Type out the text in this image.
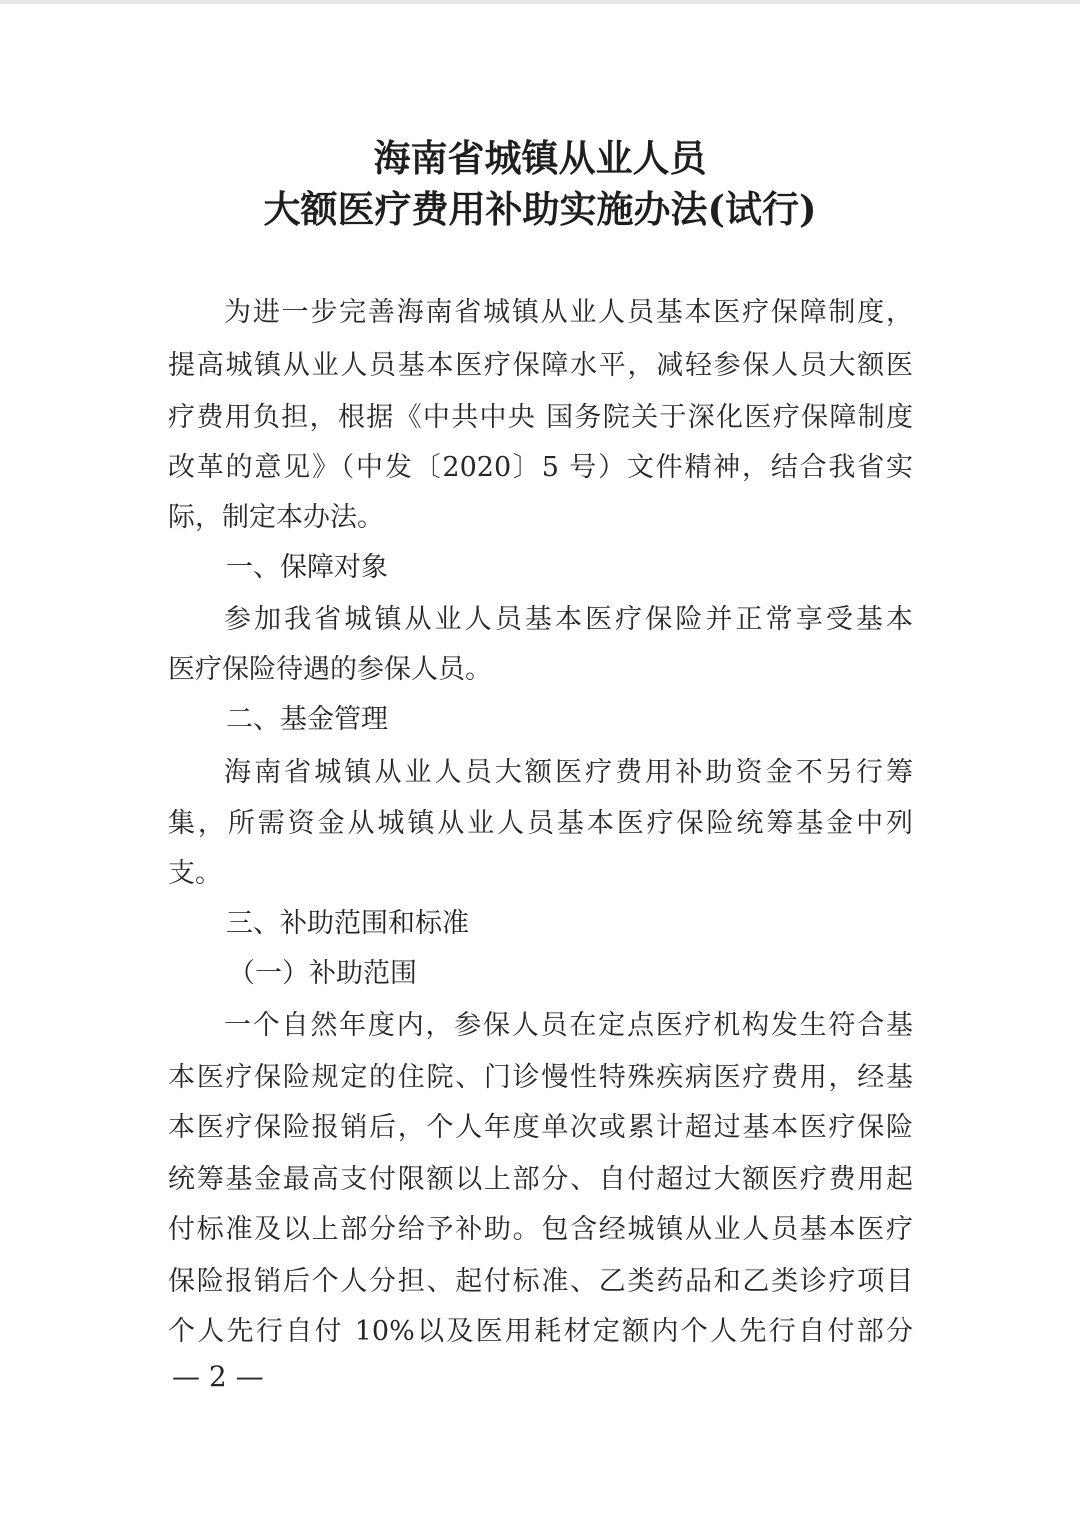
海南省城镇从业人员
大额医疗费用补助实施办法(试行)
为进一步完善海南省城镇从业人员基本医疗保障制度，
提高城镇从业人员基本医疗保障水平，减轻参保人员大额医
疗费用负担，根据《中共中央 国务院关于深化医疗保障制度
改革的意见》（中发〔2020〕5 号）文件精神，结合我省实
际，制定本办法。
一、保障对象
参加我省城镇从业人员基本医疗保险并正常享受基本
医疗保险待遇的参保人员。
二、基金管理
海南省城镇从业人员大额医疗费用补助资金不另行筹
集，所需资金从城镇从业人员基本医疗保险统筹基金中列
支。
三、补助范围和标准
（一）补助范围
一个自然年度内，参保人员在定点医疗机构发生符合基
本医疗保险规定的住院、门诊慢性特殊疾病医疗费用，经基
本医疗保险报销后，个人年度单次或累计超过基本医疗保险
统筹基金最高支付限额以上部分、自付超过大额医疗费用起
付标准及以上部分给予补助。包含经城镇从业人员基本医疗
保险报销后个人分担、起付标准、乙类药品和乙类诊疗项目
个人先行自付 10%以及医用耗材定额内个人先行自付部分
— 2 —
